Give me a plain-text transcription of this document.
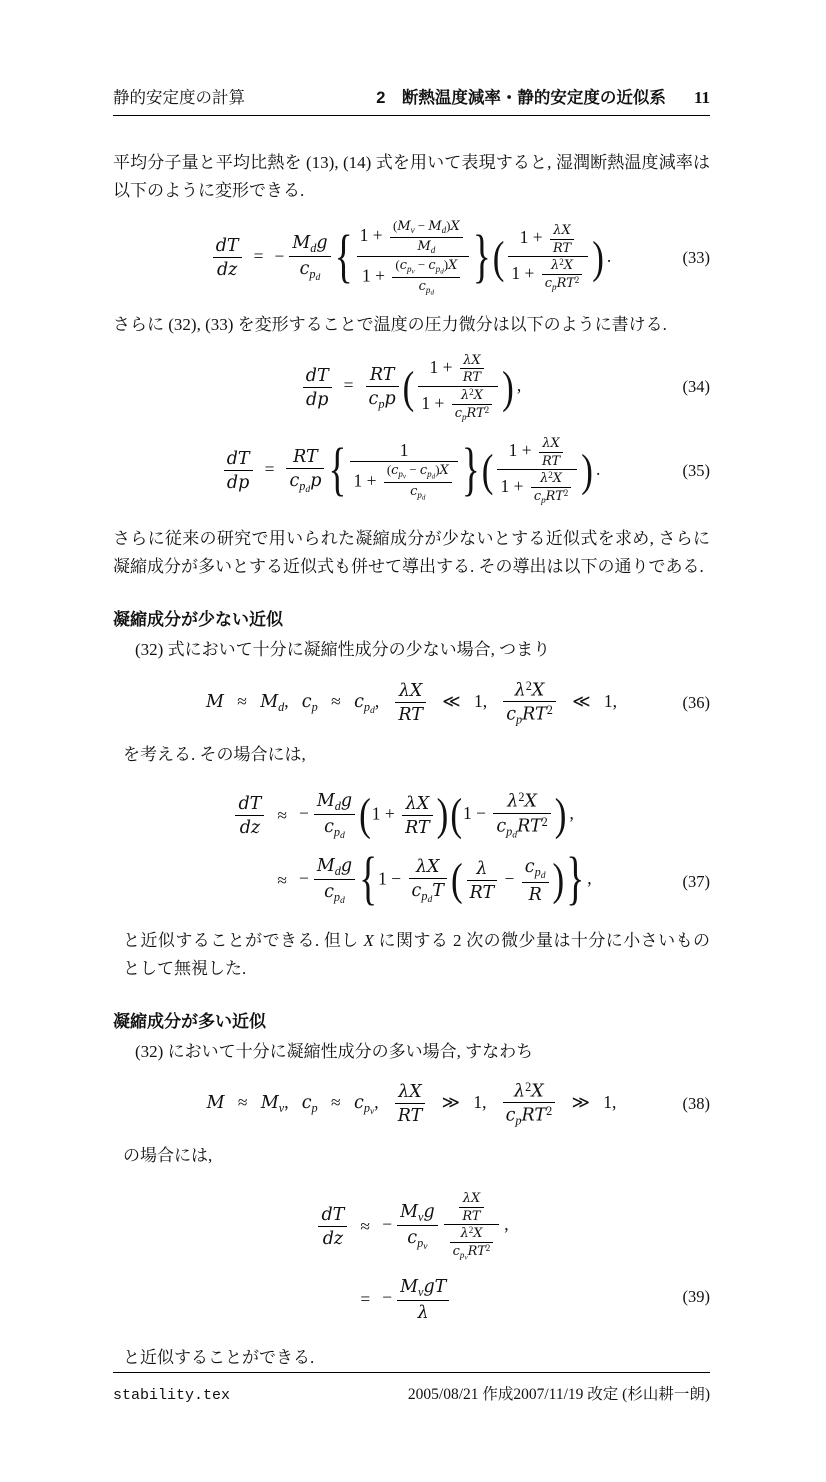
静的安定度の計算	2　断熱温度減率・静的安定度の近似系 11

平均分子量と平均比熱を (13), (14) 式を用いて表現すると, 湿潤断熱温度減率は以下のように変形できる.

$\frac{dT}{dz}$ = −
$M_dg$
$c_{pd}$ { $1 + \frac{(M_v - M_d)X}{M_d}$
1 +
$(c_{pv} - c_{pd})X$
$c_{pd}$
}( $1 + \frac{\lambda X}{RT}$
$1 + \lambda^2X$
$c_pRT^2$ ) .	(33)

さらに (32), (33) を変形することで温度の圧力微分は以下のように書ける.

$\frac{dT}{dp}$ =
RT
$c_pp$ ( $1 + \frac{\lambda X}{RT}$
$1 + \lambda^2X$
$c_pRT^2$ ) ,	(34)
$\frac{dT}{dp}$ =
RT
$c_{pd}p$ {	1
1 +
$(c_{pv} - c_{pd})X$
$c_{pd}$ }( $1 + \frac{\lambda X}{RT}$
$1 + \lambda^2X$
$c_pRT^2$ ) .	(35)

さらに従来の研究で用いられた凝縮成分が少ないとする近似式を求め, さらに凝縮成分が多いとする近似式も併せて導出する. その導出は以下の通りである.

凝縮成分が少ない近似

(32) 式において十分に凝縮性成分の少ない場合, つまり

$M \approx M_d$,   $c_p \approx c_{pd}$, $\frac{\lambda X}{RT}$ ≪ 1,
$\lambda^2X$
$c_pRT^2$ ≪ 1,	(36)

を考える. その場合には,

$\frac{dT}{dz}$	≈	−
$M_dg$
$c_{pd}$ $(1 + \frac{\lambda X}{RT} )(1$ −
$\lambda^2X$
$c_{pd}RT^2$ ) ,
	≈	−
$M_dg$
$c_{pd}$ {1 −
λX
$c_{pd}T$ ( $\frac{\lambda}{RT}$ −
$c_{pd}$
R )} ,	(37)

と近似することができる. 但し X に関する 2 次の微少量は十分に小さいものとして無視した.

凝縮成分が多い近似

(32) において十分に凝縮性成分の多い場合, すなわち

$M \approx M_v$,   $c_p \approx c_{pv}$, $\frac{\lambda X}{RT}$ ≫ 1,
$\lambda^2X$
$c_pRT^2$ ≫ 1,	(38)

の場合には,

$\frac{dT}{dz}$	≈	−
$M_vg$
$c_{pv}$
$\frac{\lambda X}{RT}$
$\lambda^2X$
$c_{pv}RT^2$
,
	=	−
$M_vgT$
λ
(39)

と近似することができる.

stability.tex	2005/08/21 作成2007/11/19 改定 (杉山耕一朗)
